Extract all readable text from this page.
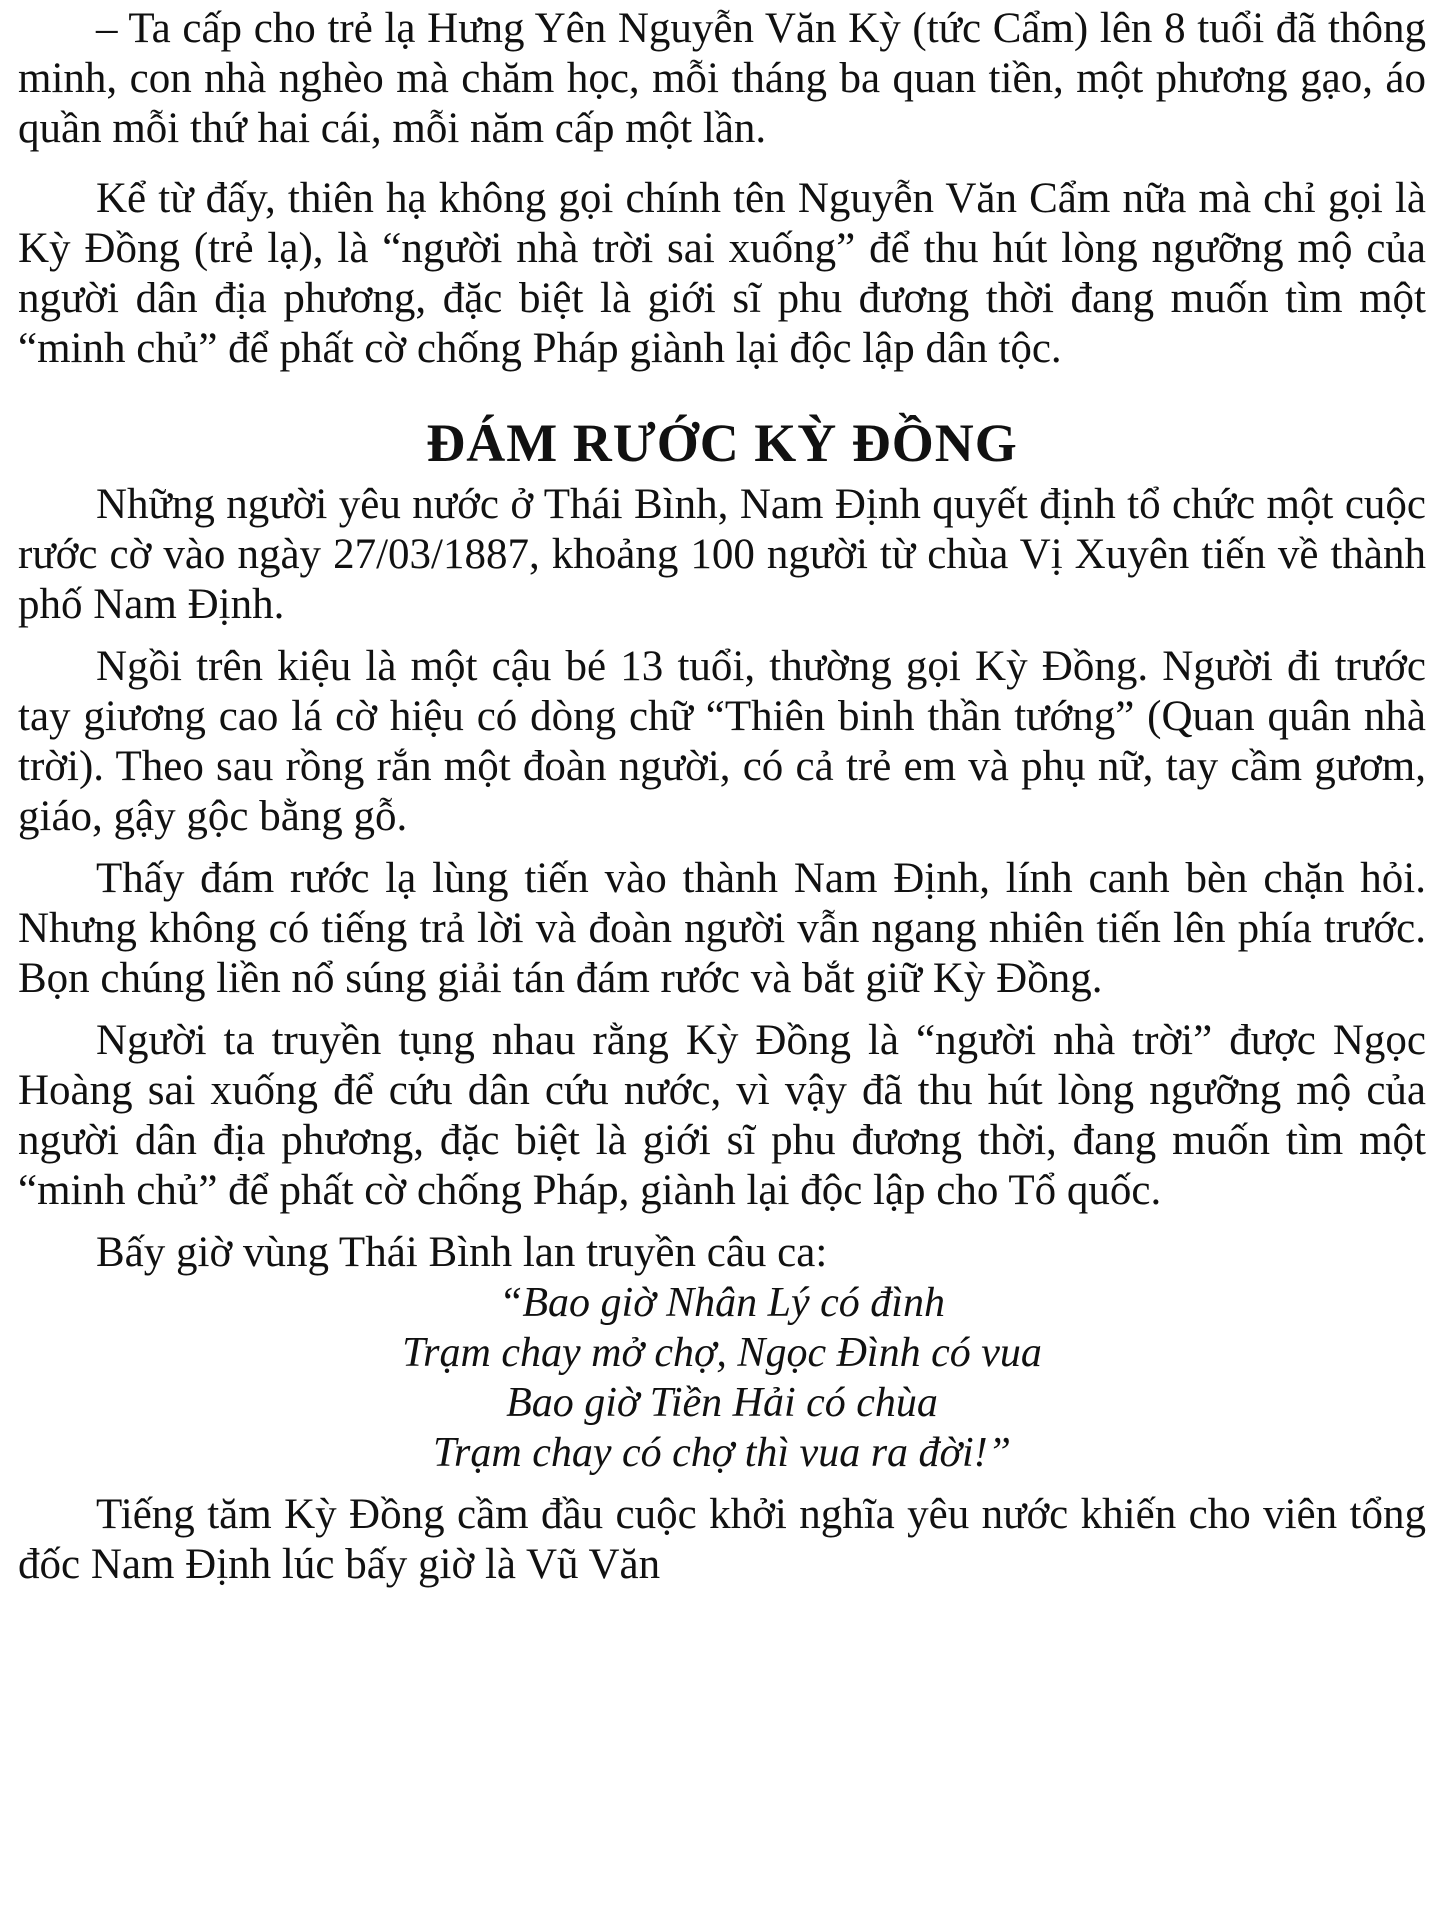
– Ta cấp cho trẻ lạ Hưng Yên Nguyễn Văn Kỳ (tức Cẩm) lên 8 tuổi đã thông minh, con nhà nghèo mà chăm học, mỗi tháng ba quan tiền, một phương gạo, áo quần mỗi thứ hai cái, mỗi năm cấp một lần.

Kể từ đấy, thiên hạ không gọi chính tên Nguyễn Văn Cẩm nữa mà chỉ gọi là Kỳ Đồng (trẻ lạ), là “người nhà trời sai xuống” để thu hút lòng ngưỡng mộ của người dân địa phương, đặc biệt là giới sĩ phu đương thời đang muốn tìm một “minh chủ” để phất cờ chống Pháp giành lại độc lập dân tộc.

ĐÁM RƯỚC KỲ ĐỒNG

Những người yêu nước ở Thái Bình, Nam Định quyết định tổ chức một cuộc rước cờ vào ngày 27/03/1887, khoảng 100 người từ chùa Vị Xuyên tiến về thành phố Nam Định.

Ngồi trên kiệu là một cậu bé 13 tuổi, thường gọi Kỳ Đồng. Người đi trước tay giương cao lá cờ hiệu có dòng chữ “Thiên binh thần tướng” (Quan quân nhà trời). Theo sau rồng rắn một đoàn người, có cả trẻ em và phụ nữ, tay cầm gươm, giáo, gậy gộc bằng gỗ.

Thấy đám rước lạ lùng tiến vào thành Nam Định, lính canh bèn chặn hỏi. Nhưng không có tiếng trả lời và đoàn người vẫn ngang nhiên tiến lên phía trước. Bọn chúng liền nổ súng giải tán đám rước và bắt giữ Kỳ Đồng.

Người ta truyền tụng nhau rằng Kỳ Đồng là “người nhà trời” được Ngọc Hoàng sai xuống để cứu dân cứu nước, vì vậy đã thu hút lòng ngưỡng mộ của người dân địa phương, đặc biệt là giới sĩ phu đương thời, đang muốn tìm một “minh chủ” để phất cờ chống Pháp, giành lại độc lập cho Tổ quốc.

Bấy giờ vùng Thái Bình lan truyền câu ca:

“Bao giờ Nhân Lý có đình
Trạm chay mở chợ, Ngọc Đình có vua
Bao giờ Tiền Hải có chùa
Trạm chay có chợ thì vua ra đời!”

Tiếng tăm Kỳ Đồng cầm đầu cuộc khởi nghĩa yêu nước khiến cho viên tổng đốc Nam Định lúc bấy giờ là Vũ Văn
